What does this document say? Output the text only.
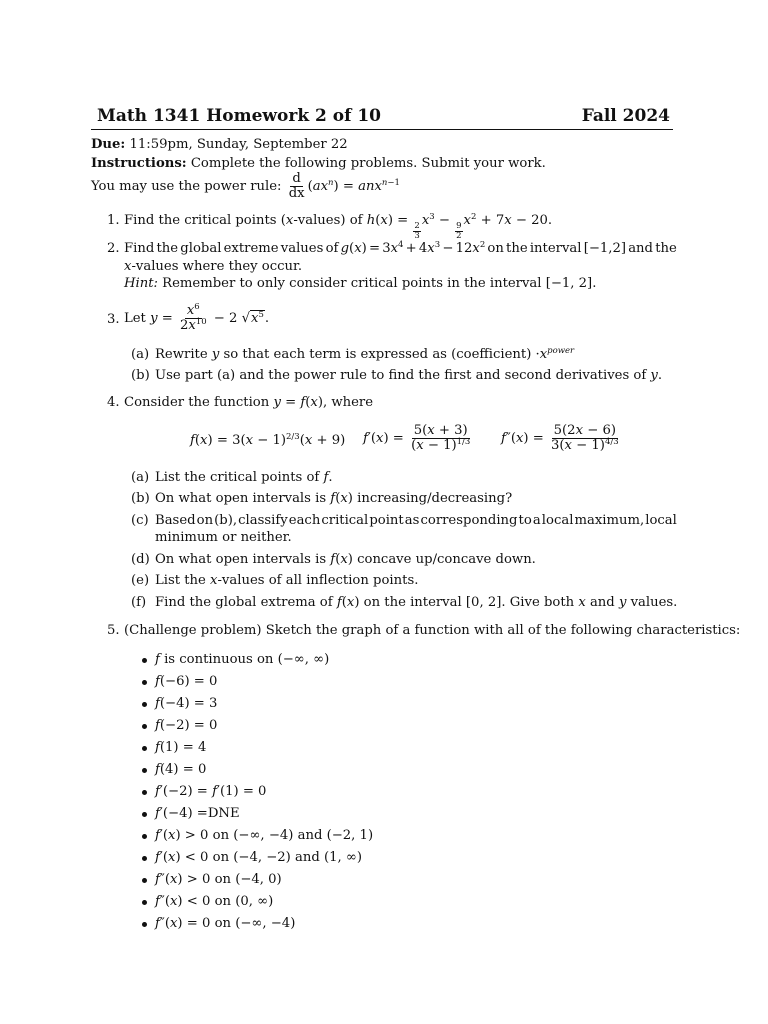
Math 1341 Homework 2 of 10	Fall 2024
Due: 11:59pm, Sunday, September 22
Instructions: Complete the following problems. Submit your work.
You may use the power rule: $\frac{d}{dx} (ax^n) = anx^{n-1}$
1. Find the critical points (x-values) of h(x) =
$\frac{2}{3}$
$x^3$ −
$\frac{9}{2}$
$x^2 + 7x - 20$.
2. Find the global extreme values of $g(x) = 3x^4 + 4x^3 - 12x^2$ on the interval [−1,2] and the
x-values where they occur.
Hint: Remember to only consider critical points in the interval [−1, 2].
3. Let $y = \frac{x^6}{2x^{10}} - 2$ $√x^5$.
(a) Rewrite y so that each term is expressed as (coefficient) $\cdot x^{power}$
(b) Use part (a) and the power rule to find the first and second derivatives of y.
4. Consider the function y = f(x), where
$f(x) = 3(x - 1)^{2/3}(x + 9)$ $f'(x) = \frac{5(x + 3)}{(x - 1)^{1/3}} f''(x) = \frac{5(2x - 6)}{3(x - 1)^{4/3}}$
(a) List the critical points of f.
(b) On what open intervals is f(x) increasing/decreasing?
(c) Based on (b), classify each critical point as corresponding to a local maximum, local
minimum or neither.
(d) On what open intervals is f(x) concave up/concave down.
(e) List the x-values of all inflection points.
(f) Find the global extrema of f(x) on the interval [0, 2]. Give both x and y values.
5. (Challenge problem) Sketch the graph of a function with all of the following characteristics:
f is continuous on (−∞, ∞)
f(−6) = 0
f(−4) = 3
f(−2) = 0
f(1) = 4
f(4) = 0
f′(−2) = f′(1) = 0
f′(−4) =DNE
f′(x) > 0 on (−∞, −4) and (−2, 1)
f′(x) < 0 on (−4, −2) and (1, ∞)
f″(x) > 0 on (−4, 0)
f″(x) < 0 on (0, ∞)
f″(x) = 0 on (−∞, −4)
